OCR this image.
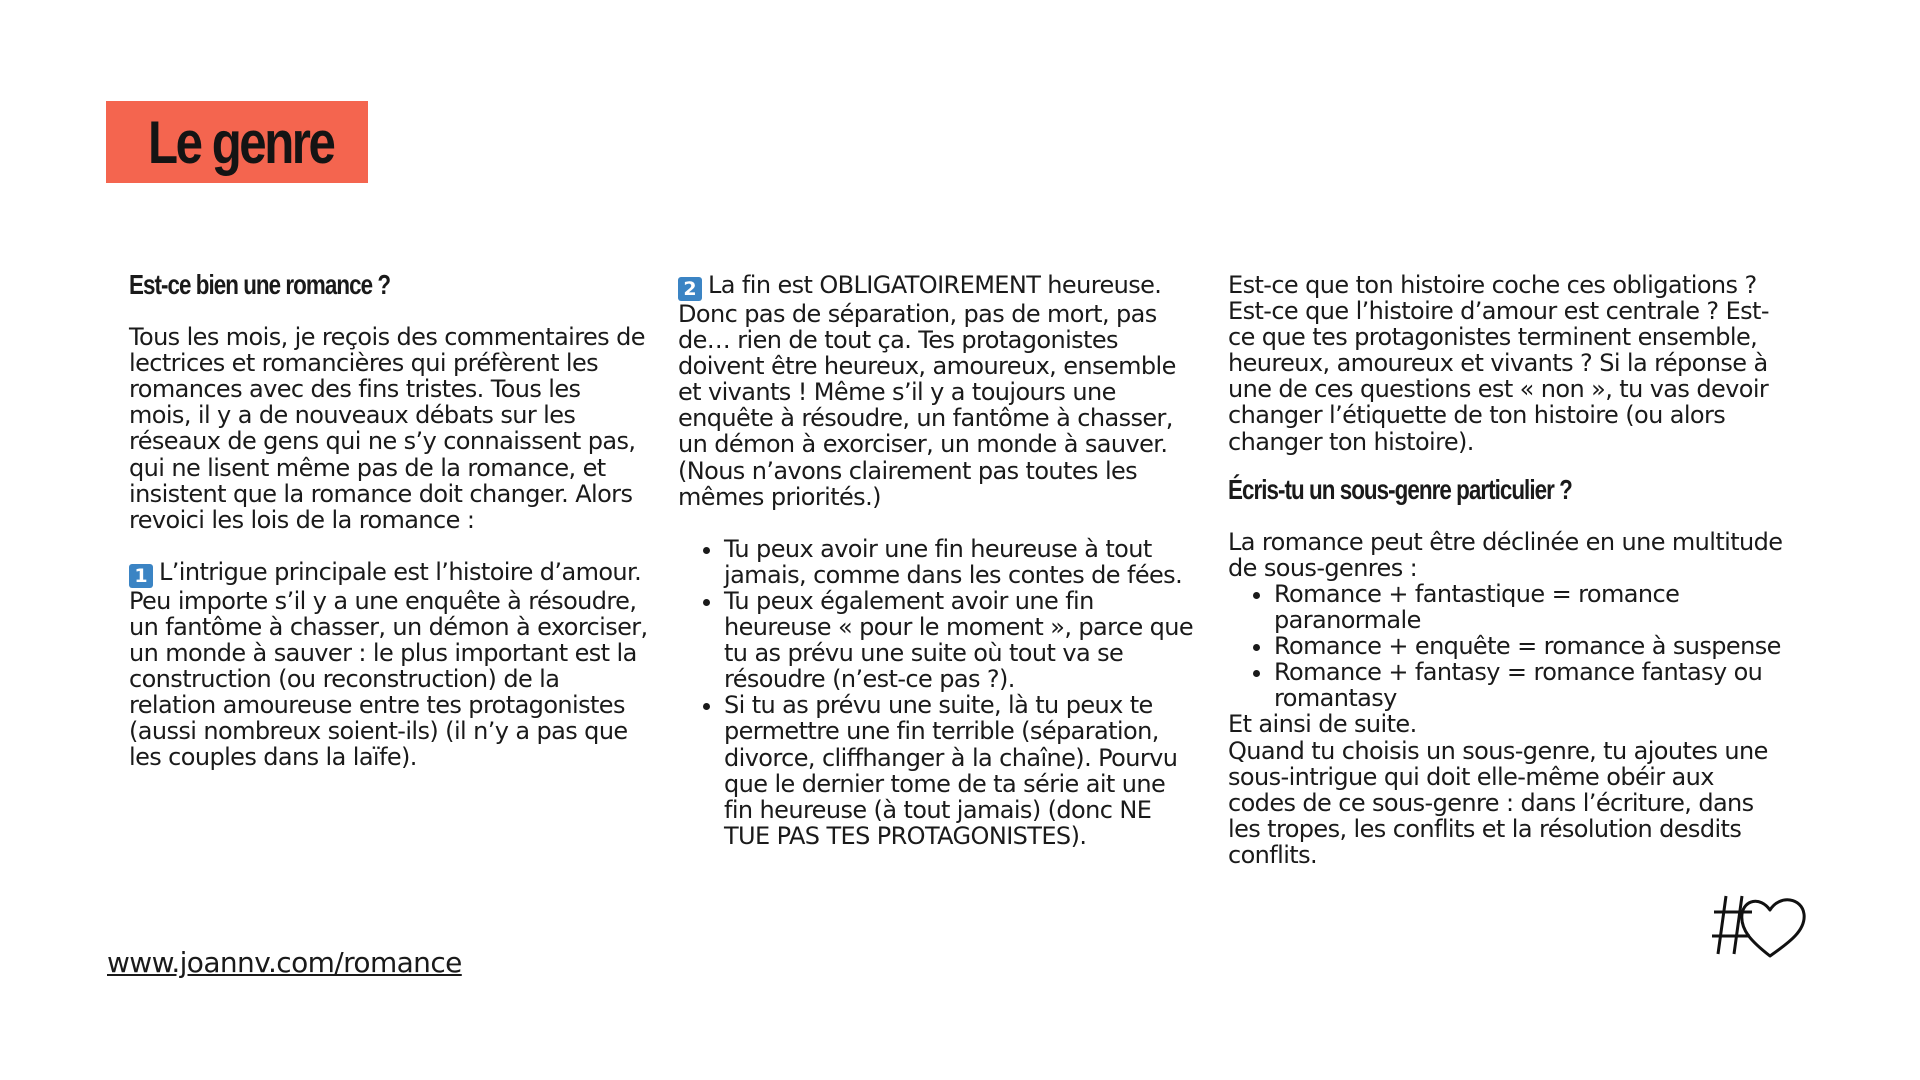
Le genre

Est-ce bien une romance ?

Tous les mois, je reçois des commentaires de lectrices et romancières qui préfèrent les romances avec des fins tristes. Tous les mois, il y a de nouveaux débats sur les réseaux de gens qui ne s’y connaissent pas, qui ne lisent même pas de la romance, et insistent que la romance doit changer. Alors revoici les lois de la romance :

1 L’intrigue principale est l’histoire d’amour. Peu importe s’il y a une enquête à résoudre, un fantôme à chasser, un démon à exorciser, un monde à sauver : le plus important est la construction (ou reconstruction) de la relation amoureuse entre tes protagonistes (aussi nombreux soient-ils) (il n’y a pas que les couples dans la laïfe).

2 La fin est OBLIGATOIREMENT heureuse. Donc pas de séparation, pas de mort, pas de… rien de tout ça. Tes protagonistes doivent être heureux, amoureux, ensemble et vivants ! Même s’il y a toujours une enquête à résoudre, un fantôme à chasser, un démon à exorciser, un monde à sauver. (Nous n’avons clairement pas toutes les mêmes priorités.)

• Tu peux avoir une fin heureuse à tout jamais, comme dans les contes de fées.
• Tu peux également avoir une fin heureuse « pour le moment », parce que tu as prévu une suite où tout va se résoudre (n’est-ce pas ?).
• Si tu as prévu une suite, là tu peux te permettre une fin terrible (séparation, divorce, cliffhanger à la chaîne). Pourvu que le dernier tome de ta série ait une fin heureuse (à tout jamais) (donc NE TUE PAS TES PROTAGONISTES).

Est-ce que ton histoire coche ces obligations ? Est-ce que l’histoire d’amour est centrale ? Est-ce que tes protagonistes terminent ensemble, heureux, amoureux et vivants ? Si la réponse à une de ces questions est « non », tu vas devoir changer l’étiquette de ton histoire (ou alors changer ton histoire).

Écris-tu un sous-genre particulier ?

La romance peut être déclinée en une multitude de sous-genres :

• Romance + fantastique = romance paranormale
• Romance + enquête = romance à suspense
• Romance + fantasy = romance fantasy ou romantasy

Et ainsi de suite.

Quand tu choisis un sous-genre, tu ajoutes une sous-intrigue qui doit elle-même obéir aux codes de ce sous-genre : dans l’écriture, dans les tropes, les conflits et la résolution desdits conflits.

www.joannv.com/romance
